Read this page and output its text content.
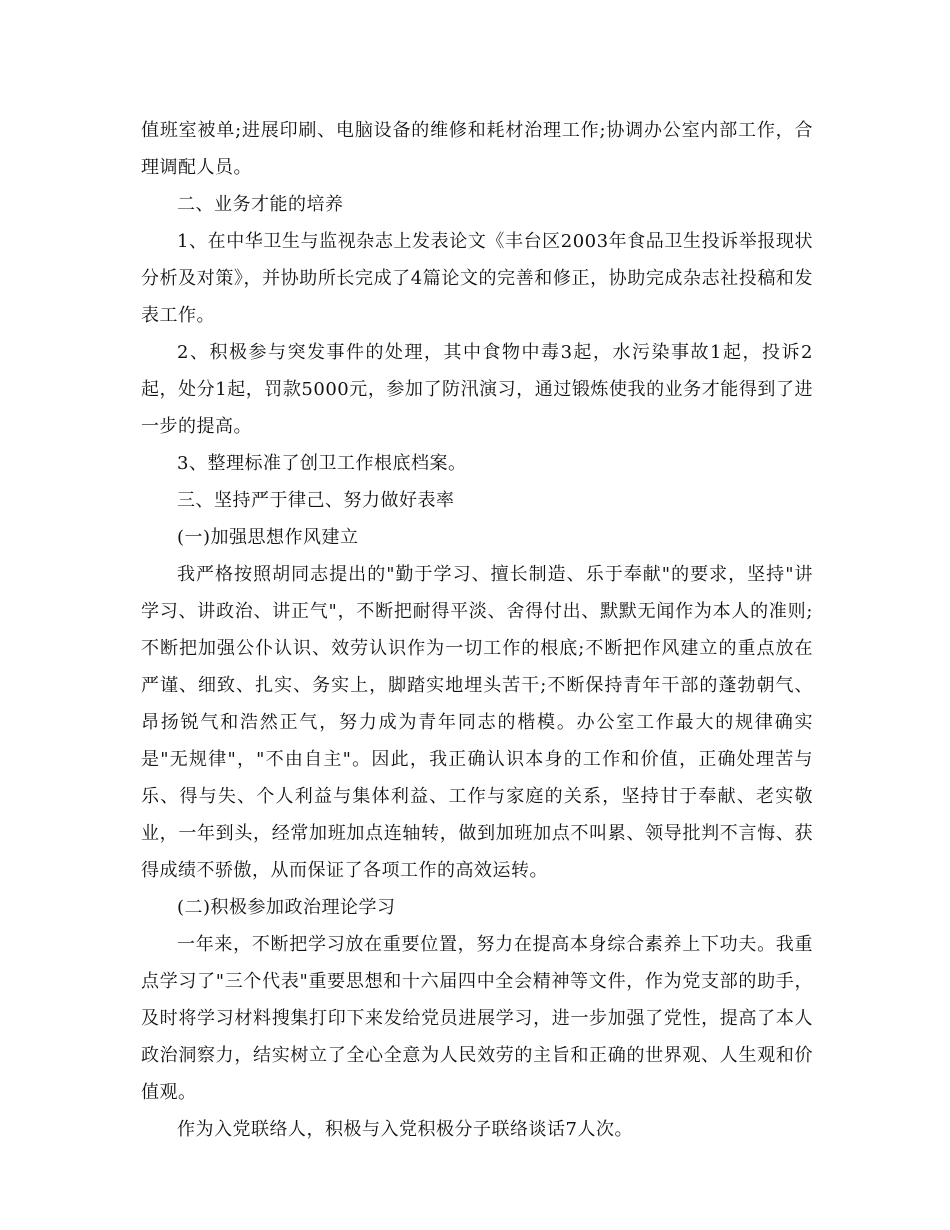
值班室被单;进展印刷、电脑设备的维修和耗材治理工作;协调办公室内部工作，合理调配人员。

二、业务才能的培养

1、在中华卫生与监视杂志上发表论文《丰台区2003年食品卫生投诉举报现状分析及对策》，并协助所长完成了4篇论文的完善和修正，协助完成杂志社投稿和发表工作。

2、积极参与突发事件的处理，其中食物中毒3起，水污染事故1起，投诉2起，处分1起，罚款5000元，参加了防汛演习，通过锻炼使我的业务才能得到了进一步的提高。

3、整理标准了创卫工作根底档案。

三、坚持严于律己、努力做好表率

(一)加强思想作风建立

我严格按照胡同志提出的"勤于学习、擅长制造、乐于奉献"的要求，坚持"讲学习、讲政治、讲正气"，不断把耐得平淡、舍得付出、默默无闻作为本人的准则;不断把加强公仆认识、效劳认识作为一切工作的根底;不断把作风建立的重点放在严谨、细致、扎实、务实上，脚踏实地埋头苦干;不断保持青年干部的蓬勃朝气、昂扬锐气和浩然正气，努力成为青年同志的楷模。办公室工作最大的规律确实是"无规律"，"不由自主"。因此，我正确认识本身的工作和价值，正确处理苦与乐、得与失、个人利益与集体利益、工作与家庭的关系，坚持甘于奉献、老实敬业，一年到头，经常加班加点连轴转，做到加班加点不叫累、领导批判不言悔、获得成绩不骄傲，从而保证了各项工作的高效运转。

(二)积极参加政治理论学习

一年来，不断把学习放在重要位置，努力在提高本身综合素养上下功夫。我重点学习了"三个代表"重要思想和十六届四中全会精神等文件，作为党支部的助手，及时将学习材料搜集打印下来发给党员进展学习，进一步加强了党性，提高了本人政治洞察力，结实树立了全心全意为人民效劳的主旨和正确的世界观、人生观和价值观。

作为入党联络人，积极与入党积极分子联络谈话7人次。
